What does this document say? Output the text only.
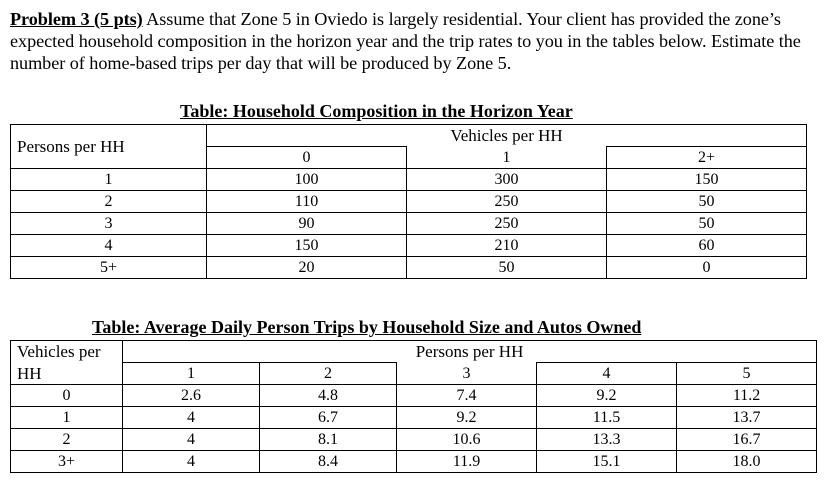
Problem 3 (5 pts) Assume that Zone 5 in Oviedo is largely residential. Your client has provided the zone’s expected household composition in the horizon year and the trip rates to you in the tables below. Estimate the number of home-based trips per day that will be produced by Zone 5.
Table: Household Composition in the Horizon Year
Persons per HH	Vehicles per HH		
	0	1	2+
1	100	300	150
2	110	250	50
3	90	250	50
4	150	210	60
5+	20	50	0
Table: Average Daily Person Trips by Household Size and Autos Owned
Vehicles per	Persons per HH				
HH	1	2	3	4	5
0	2.6	4.8	7.4	9.2	11.2
1	4	6.7	9.2	11.5	13.7
2	4	8.1	10.6	13.3	16.7
3+	4	8.4	11.9	15.1	18.0
